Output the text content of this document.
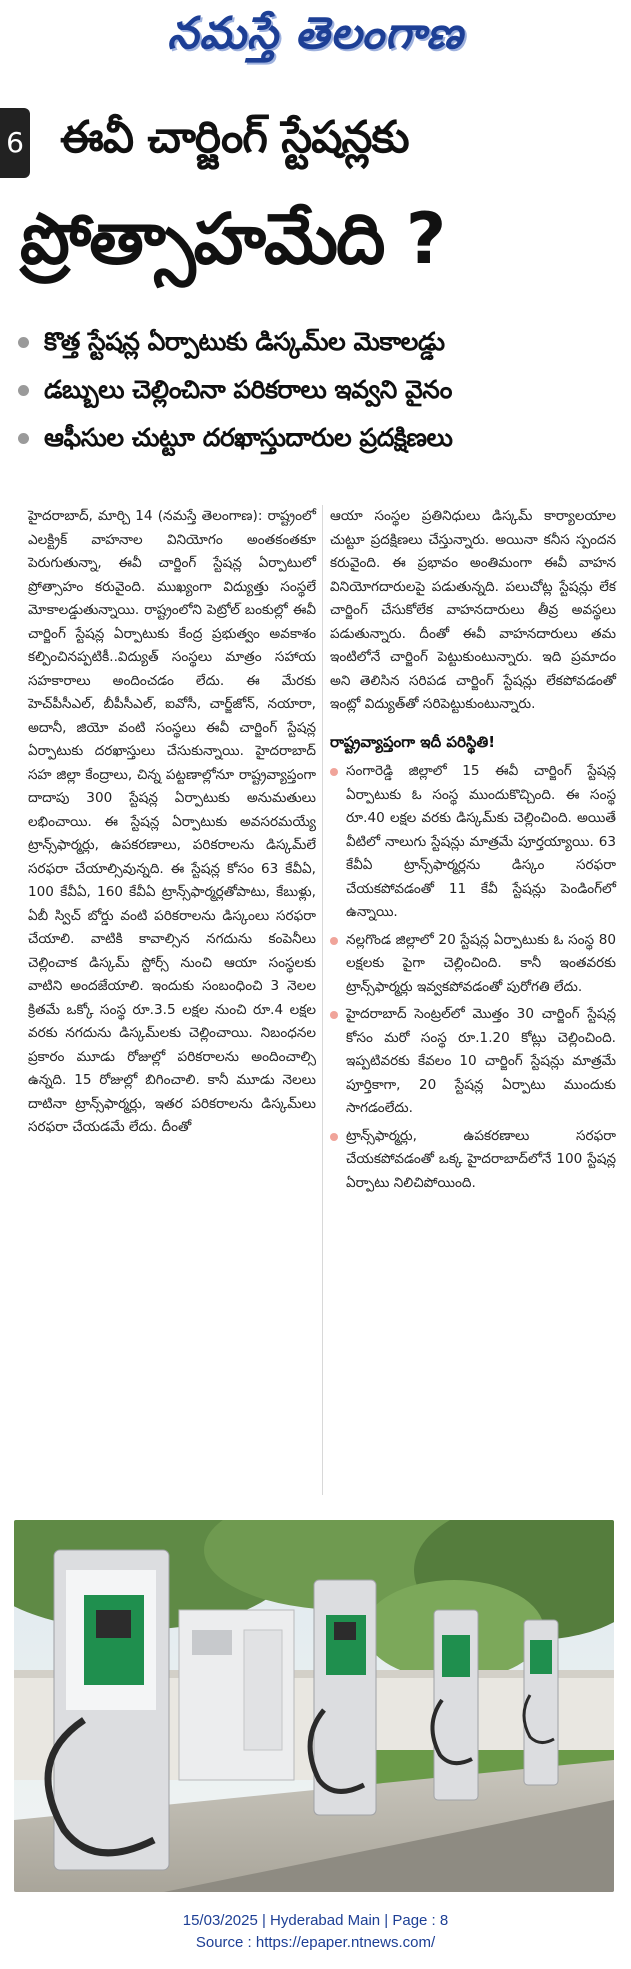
నమస్తే తెలంగాణ
6 ఈవీ చార్జింగ్ స్టేషన్లకు
ప్రోత్సాహమేది ?
కొత్త స్టేషన్ల ఏర్పాటుకు డిస్కమ్‌ల మెకాలడ్డు
డబ్బులు చెల్లించినా పరికరాలు ఇవ్వని వైనం
ఆఫీసుల చుట్టూ దరఖాస్తుదారుల ప్రదక్షిణలు

హైదరాబాద్‌, మార్చి 14 (నమస్తే తెలంగాణ): రాష్ట్రంలో ఎలక్ట్రిక్‌ వాహనాల వినియోగం అంతకంతకూ పెరుగుతున్నా, ఈవీ చార్జింగ్‌ స్టేషన్ల ఏర్పాటులో ప్రోత్సాహం కరువైంది. ముఖ్యంగా విద్యుత్తు సంస్థలే మోకాలడ్డుతున్నాయి. రాష్ట్రంలోని పెట్రోల్‌ బంకుల్లో ఈవీ చార్జింగ్‌ స్టేషన్ల ఏర్పాటుకు కేంద్ర ప్రభుత్వం అవకాశం కల్పించినప్పటికీ..విద్యుత్‌ సంస్థలు మాత్రం సహాయ సహకారాలు అందించడం లేదు. ఈ మేరకు హెచ్‌పీసీఎల్‌, బీపీసీఎల్‌, ఐవోసీ, చార్జ్‌జోన్‌, నయారా, అదానీ, జియో వంటి సంస్థలు ఈవీ చార్జింగ్‌ స్టేషన్ల ఏర్పాటుకు దరఖాస్తులు చేసుకున్నాయి. హైదరాబాద్‌ సహ జిల్లా కేంద్రాలు, చిన్న పట్టణాల్లోనూ రాష్ట్రవ్యాప్తంగా దాదాపు 300 స్టేషన్ల ఏర్పాటుకు అనుమతులు లభించాయి. ఈ స్టేషన్ల ఏర్పాటుకు అవసరమయ్యే ట్రాన్స్‌ఫార్మర్లు, ఉపకరణాలు, పరికరాలను డిస్కమ్‌లే సరఫరా చేయాల్సివున్నది. ఈ స్టేషన్ల కోసం 63 కేవీఏ, 100 కేవీఏ, 160 కేవీఏ ట్రాన్స్‌ఫార్మర్లతోపాటు, కేబుళ్లు, ఏబీ స్విచ్‌ బోర్డు వంటి పరికరాలను డిస్కంలు సరఫరా చేయాలి. వాటికి కావాల్సిన నగదును కంపెనీలు చెల్లించాక డిస్కమ్‌ స్టోర్స్‌ నుంచి ఆయా సంస్థలకు వాటిని అందజేయాలి. ఇందుకు సంబంధించి 3 నెలల క్రితమే ఒక్కో సంస్థ రూ.3.5 లక్షల నుంచి రూ.4 లక్షల వరకు నగదును డిస్కమ్‌లకు చెల్లించాయి. నిబంధనల ప్రకారం మూడు రోజుల్లో పరికరాలను అందించాల్సి ఉన్నది. 15 రోజుల్లో బిగించాలి. కానీ మూడు నెలలు దాటినా ట్రాన్స్‌ఫార్మర్లు, ఇతర పరికరాలను డిస్కమ్‌లు సరఫరా చేయడమే లేదు. దీంతో

ఆయా సంస్థల ప్రతినిధులు డిస్కమ్‌ కార్యాలయాల చుట్టూ ప్రదక్షిణలు చేస్తున్నారు. అయినా కనీస స్పందన కరువైంది. ఈ ప్రభావం అంతిమంగా ఈవీ వాహన వినియోగదారులపై పడుతున్నది. పలుచోట్ల స్టేషన్లు లేక చార్జింగ్‌ చేసుకోలేక వాహనదారులు తీవ్ర అవస్థలు పడుతున్నారు. దీంతో ఈవీ వాహనదారులు తమ ఇంటిలోనే చార్జింగ్‌ పెట్టుకుంటున్నారు. ఇది ప్రమాదం అని తెలిసిన సరిపడ చార్జింగ్‌ స్టేషన్లు లేకపోవడంతో ఇంట్లో విద్యుత్‌తో సరిపెట్టుకుంటున్నారు.

రాష్ట్రవ్యాప్తంగా ఇదీ పరిస్థితి!
సంగారెడ్డి జిల్లాలో 15 ఈవీ చార్జింగ్‌ స్టేషన్ల ఏర్పాటుకు ఓ సంస్థ ముందుకొచ్చింది. ఈ సంస్థ రూ.40 లక్షల వరకు డిస్కమ్‌కు చెల్లించింది. అయితే వీటిలో నాలుగు స్టేషన్లు మాత్రమే పూర్తయ్యాయి. 63 కేవీఏ ట్రాన్స్‌ఫార్మర్లను డిస్కం సరఫరా చేయకపోవడంతో 11 కేవీ స్టేషన్లు పెండింగ్‌లో ఉన్నాయి.
నల్లగొండ జిల్లాలో 20 స్టేషన్ల ఏర్పాటుకు ఓ సంస్థ 80 లక్షలకు పైగా చెల్లించింది. కానీ ఇంతవరకు ట్రాన్స్‌ఫార్మర్లు ఇవ్వకపోవడంతో పురోగతి లేదు.
హైదరాబాద్‌ సెంట్రల్‌లో మొత్తం 30 చార్జింగ్‌ స్టేషన్ల కోసం మరో సంస్థ రూ.1.20 కోట్లు చెల్లించింది. ఇప్పటివరకు కేవలం 10 చార్జింగ్‌ స్టేషన్లు మాత్రమే పూర్తికాగా, 20 స్టేషన్ల ఏర్పాటు ముందుకు సాగడంలేదు.
ట్రాన్స్‌ఫార్మర్లు, ఉపకరణాలు సరఫరా చేయకపోవడంతో ఒక్క హైదరాబాద్‌లోనే 100 స్టేషన్ల ఏర్పాటు నిలిచిపోయింది.
15/03/2025 | Hyderabad Main | Page : 8
Source : https://epaper.ntnews.com/
